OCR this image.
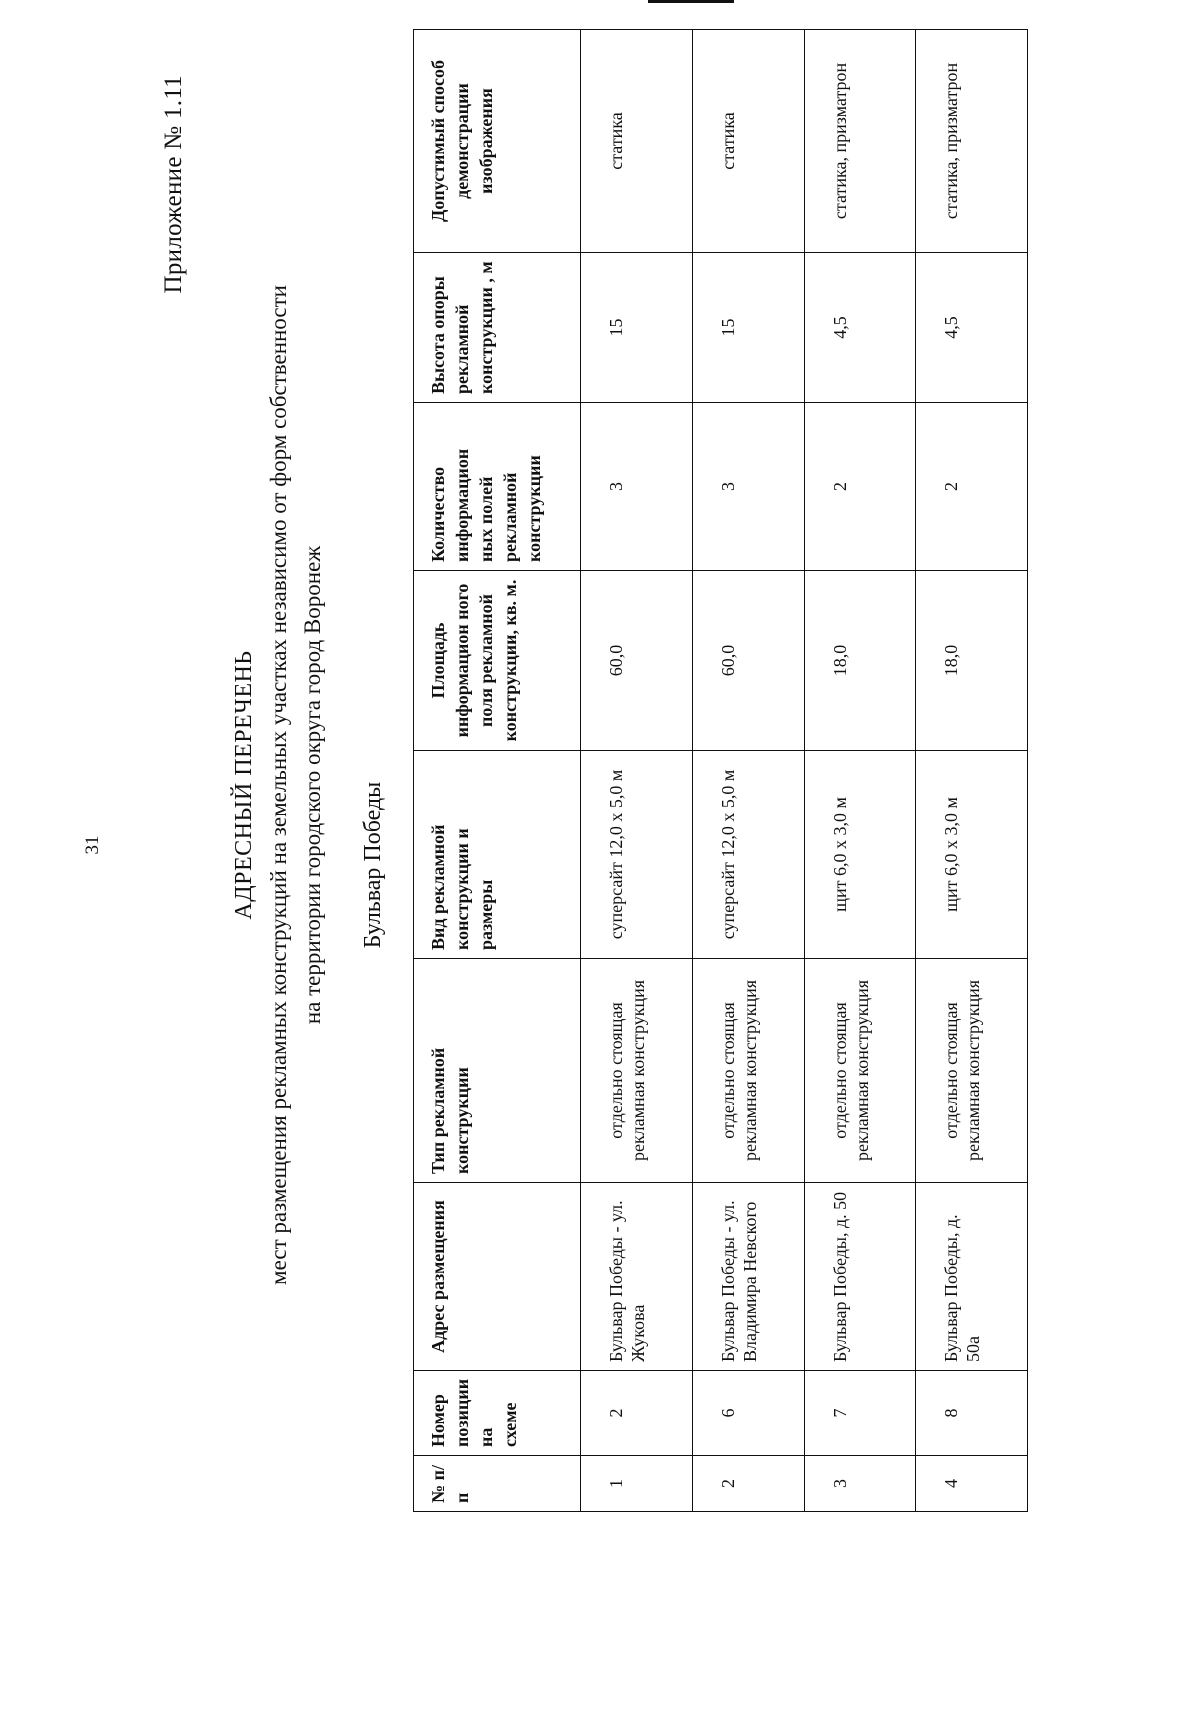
31
Приложение № 1.11
АДРЕСНЫЙ ПЕРЕЧЕНЬ мест размещения рекламных конструкций на земельных участках независимо от форм собственности на территории городского округа город Воронеж Бульвар Победы
№ п/п	Номер позиции на схеме	Адрес размещения	Тип рекламной конструкции	Вид рекламной конструкции и размеры	Площадь информацион ного поля рекламной конструкции, кв. м.	Количество информацион ных полей рекламной конструкции	Высота опоры рекламной конструкции , м	Допустимый способ демонстрации изображения
1	2	Бульвар Победы - ул. Жукова	отдельно стоящая рекламная конструкция	суперсайт 12,0 х 5,0 м	60,0	3	15	статика
2	6	Бульвар Победы - ул. Владимира Невского	отдельно стоящая рекламная конструкция	суперсайт 12,0 х 5,0 м	60,0	3	15	статика
3	7	Бульвар Победы, д. 50	отдельно стоящая рекламная конструкция	щит 6,0 х 3,0 м	18,0	2	4,5	статика, призматрон
4	8	Бульвар Победы, д. 50а	отдельно стоящая рекламная конструкция	щит 6,0 х 3,0 м	18,0	2	4,5	статика, призматрон
